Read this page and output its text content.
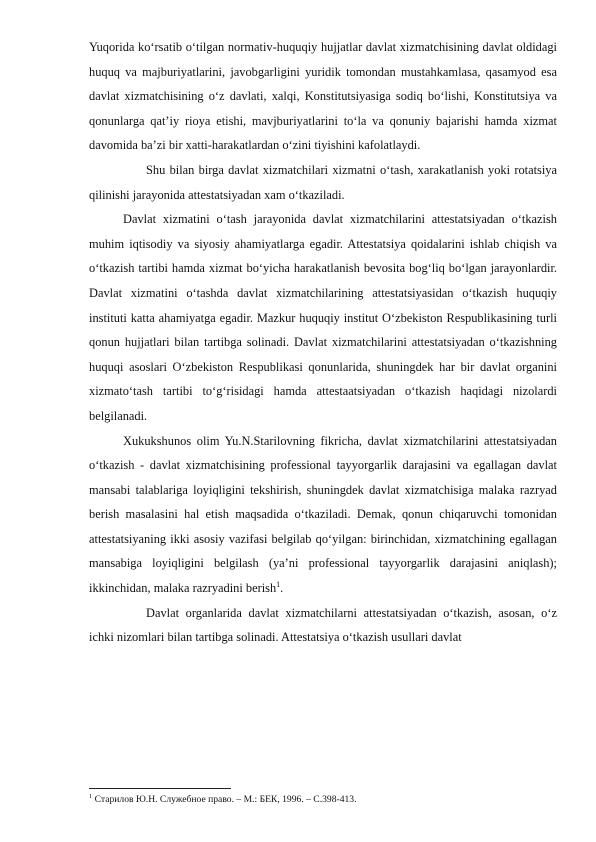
Yuqorida ko‘rsatib o‘tilgan normativ-huquqiy hujjatlar davlat xizmatchisining davlat oldidagi huquq va majburiyatlarini, javobgarligini yuridik tomondan mustahkamlasa, qasamyod esa davlat xizmatchisining o‘z davlati, xalqi, Konstitutsiyasiga sodiq bo‘lishi, Konstitutsiya va qonunlarga qat’iy rioya etishi, mavjburiyatlarini to‘la va qonuniy bajarishi hamda xizmat davomida ba’zi bir xatti-harakatlardan o‘zini tiyishini kafolatlaydi.

Shu bilan birga davlat xizmatchilari xizmatni o‘tash, xarakatlanish yoki rotatsiya qilinishi jarayonida attestatsiyadan xam o‘tkaziladi.

Davlat xizmatini o‘tash jarayonida davlat xizmatchilarini attestatsiyadan o‘tkazish muhim iqtisodiy va siyosiy ahamiyatlarga egadir. Attestatsiya qoidalarini ishlab chiqish va o‘tkazish tartibi hamda xizmat bo‘yicha harakatlanish bevosita bog‘liq bo‘lgan jarayonlardir. Davlat xizmatini o‘tashda davlat xizmatchilarining attestatsiyasidan o‘tkazish huquqiy instituti katta ahamiyatga egadir. Mazkur huquqiy institut O‘zbekiston Respublikasining turli qonun hujjatlari bilan tartibga solinadi. Davlat xizmatchilarini attestatsiyadan o‘tkazishning huquqi asoslari O‘zbekiston Respublikasi qonunlarida, shuningdek har bir davlat organini xizmato‘tash tartibi to‘g‘risidagi hamda attestaatsiyadan o‘tkazish haqidagi nizolardi belgilanadi.

Xukukshunos olim Yu.N.Starilovning fikricha, davlat xizmatchilarini attestatsiyadan o‘tkazish - davlat xizmatchisining professional tayyorgarlik darajasini va egallagan davlat mansabi talablariga loyiqligini tekshirish, shuningdek davlat xizmatchisiga malaka razryad berish masalasini hal etish maqsadida o‘tkaziladi. Demak, qonun chiqaruvchi tomonidan attestatsiyaning ikki asosiy vazifasi belgilab qo‘yilgan: birinchidan, xizmatchining egallagan mansabiga loyiqligini belgilash (ya’ni professional tayyorgarlik darajasini aniqlash); ikkinchidan, malaka razryadini berish$^1$.

Davlat organlarida davlat xizmatchilarni attestatsiyadan o‘tkazish, asosan, o‘z ichki nizomlari bilan tartibga solinadi. Attestatsiya o‘tkazish usullari davlat

$^1$ Старилов Ю.Н. Служебное право. – М.: БЕК, 1996. – С.398-413.
